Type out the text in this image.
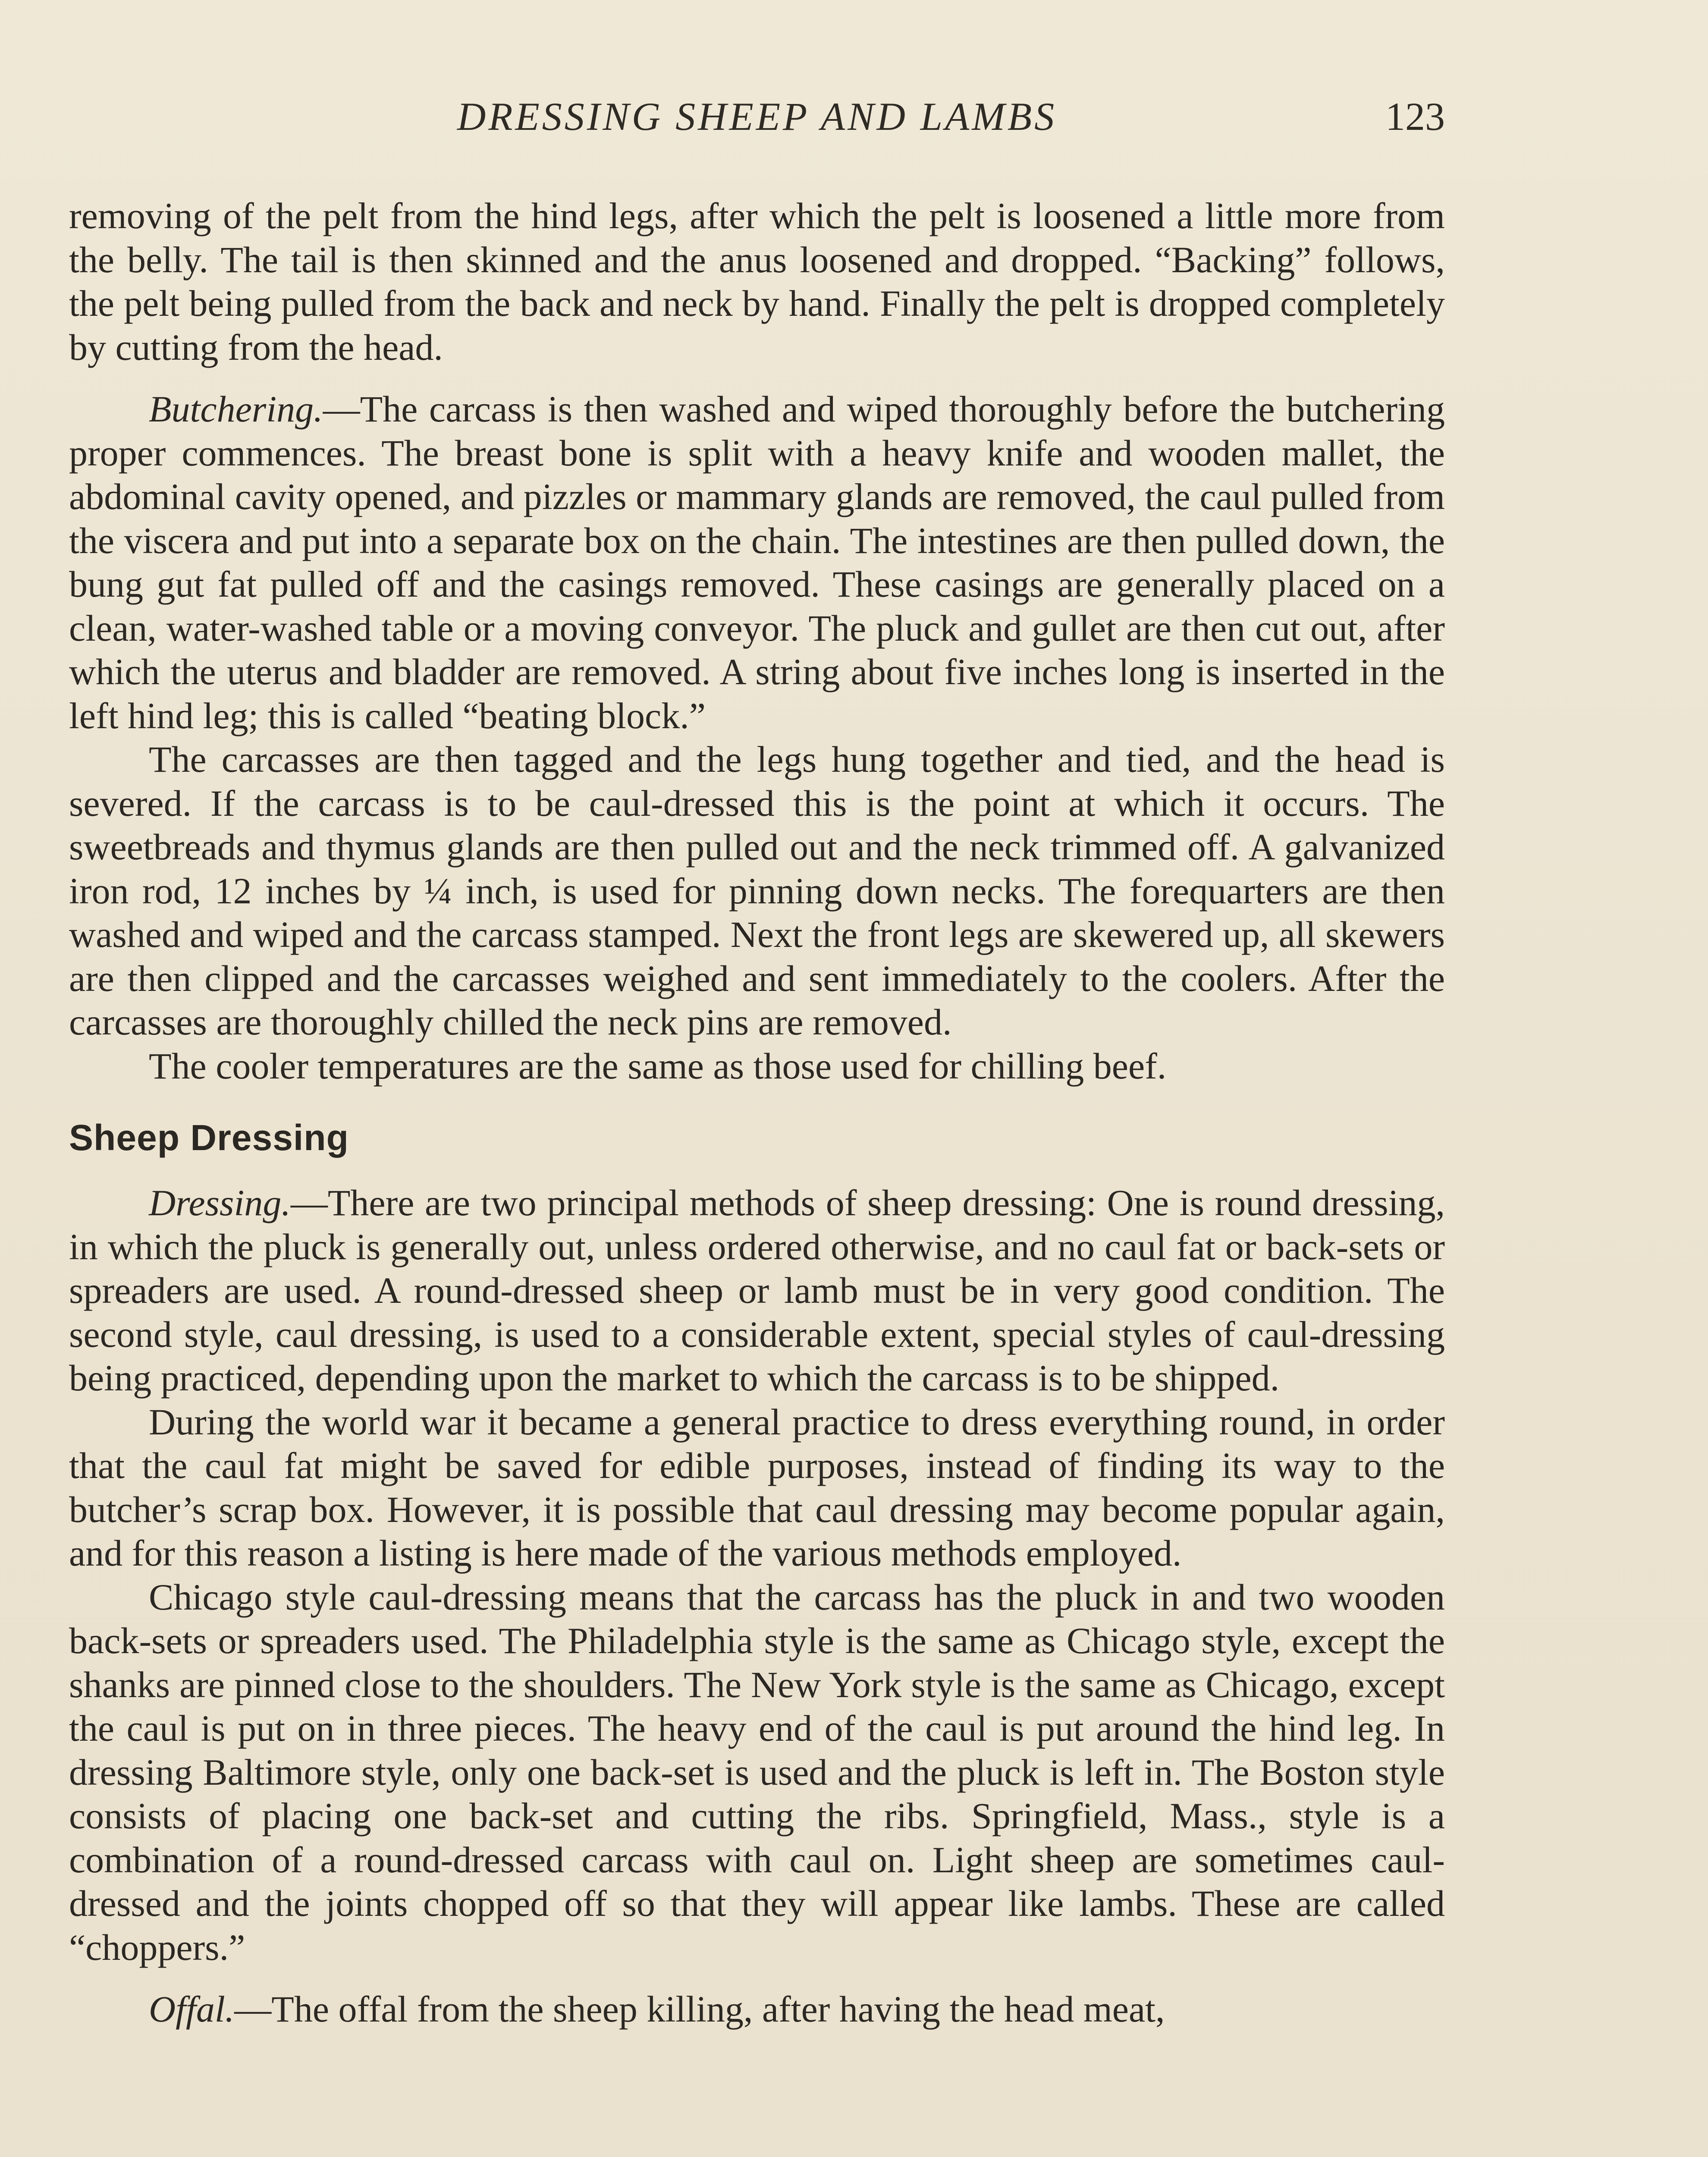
DRESSING SHEEP AND LAMBS	123

removing of the pelt from the hind legs, after which the pelt is loosened a little more from the belly. The tail is then skinned and the anus loosened and dropped. “Backing” follows, the pelt being pulled from the back and neck by hand. Finally the pelt is dropped completely by cutting from the head.

Butchering.—The carcass is then washed and wiped thoroughly before the butchering proper commences. The breast bone is split with a heavy knife and wooden mallet, the abdominal cavity opened, and pizzles or mammary glands are removed, the caul pulled from the viscera and put into a separate box on the chain. The intestines are then pulled down, the bung gut fat pulled off and the casings removed. These casings are generally placed on a clean, water-washed table or a moving conveyor. The pluck and gullet are then cut out, after which the uterus and bladder are removed. A string about five inches long is inserted in the left hind leg; this is called “beating block.”

The carcasses are then tagged and the legs hung together and tied, and the head is severed. If the carcass is to be caul-dressed this is the point at which it occurs. The sweetbreads and thymus glands are then pulled out and the neck trimmed off. A galvanized iron rod, 12 inches by ¼ inch, is used for pinning down necks. The forequarters are then washed and wiped and the carcass stamped. Next the front legs are skewered up, all skewers are then clipped and the carcasses weighed and sent immediately to the coolers. After the carcasses are thoroughly chilled the neck pins are removed.

The cooler temperatures are the same as those used for chilling beef.

Sheep Dressing

Dressing.—There are two principal methods of sheep dressing: One is round dressing, in which the pluck is generally out, unless ordered otherwise, and no caul fat or back-sets or spreaders are used. A round-dressed sheep or lamb must be in very good condition. The second style, caul dressing, is used to a considerable extent, special styles of caul-dressing being practiced, depending upon the market to which the carcass is to be shipped.

During the world war it became a general practice to dress everything round, in order that the caul fat might be saved for edible purposes, instead of finding its way to the butcher’s scrap box. However, it is possible that caul dressing may become popular again, and for this reason a listing is here made of the various methods employed.

Chicago style caul-dressing means that the carcass has the pluck in and two wooden back-sets or spreaders used. The Philadelphia style is the same as Chicago style, except the shanks are pinned close to the shoulders. The New York style is the same as Chicago, except the caul is put on in three pieces. The heavy end of the caul is put around the hind leg. In dressing Baltimore style, only one back-set is used and the pluck is left in. The Boston style consists of placing one back-set and cutting the ribs. Springfield, Mass., style is a combination of a round-dressed carcass with caul on. Light sheep are sometimes caul-dressed and the joints chopped off so that they will appear like lambs. These are called “choppers.”

Offal.—The offal from the sheep killing, after having the head meat,
